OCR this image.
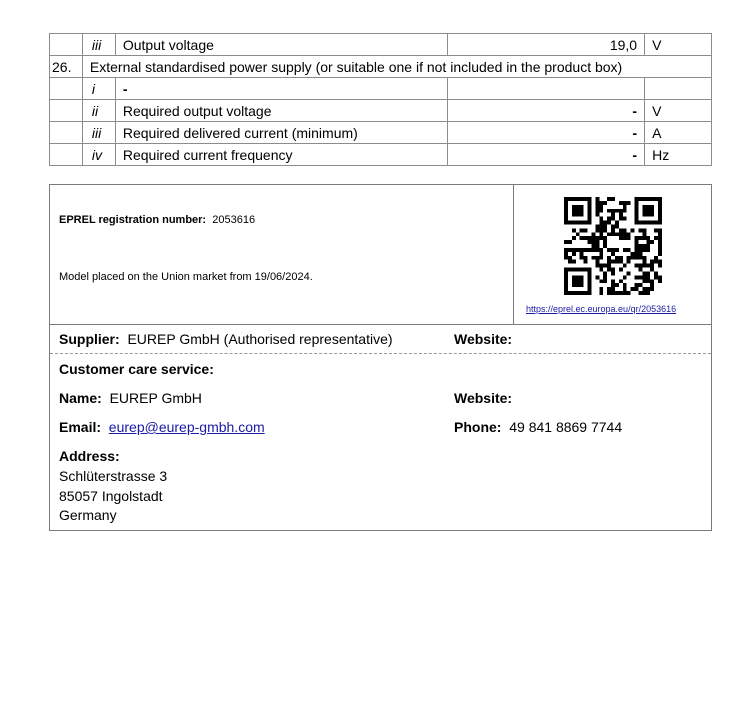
	iii	Output voltage	19,0	V
26.	External standardised power supply (or suitable one if not included in the product box)			
	i	-		
	ii	Required output voltage	-	V
	iii	Required delivered current (minimum)	-	A
	iv	Required current frequency	-	Hz
EPREL registration number: 2053616
Model placed on the Union market from 19/06/2024.
https://eprel.ec.europa.eu/qr/2053616
Supplier: EUREP GmbH (Authorised representative)	Website:
Customer care service:
Name: EUREP GmbH	Website:
Email: eurep@eurep-gmbh.com	Phone: 49 841 8869 7744
Address:
Schlüterstrasse 3
85057 Ingolstadt
Germany
